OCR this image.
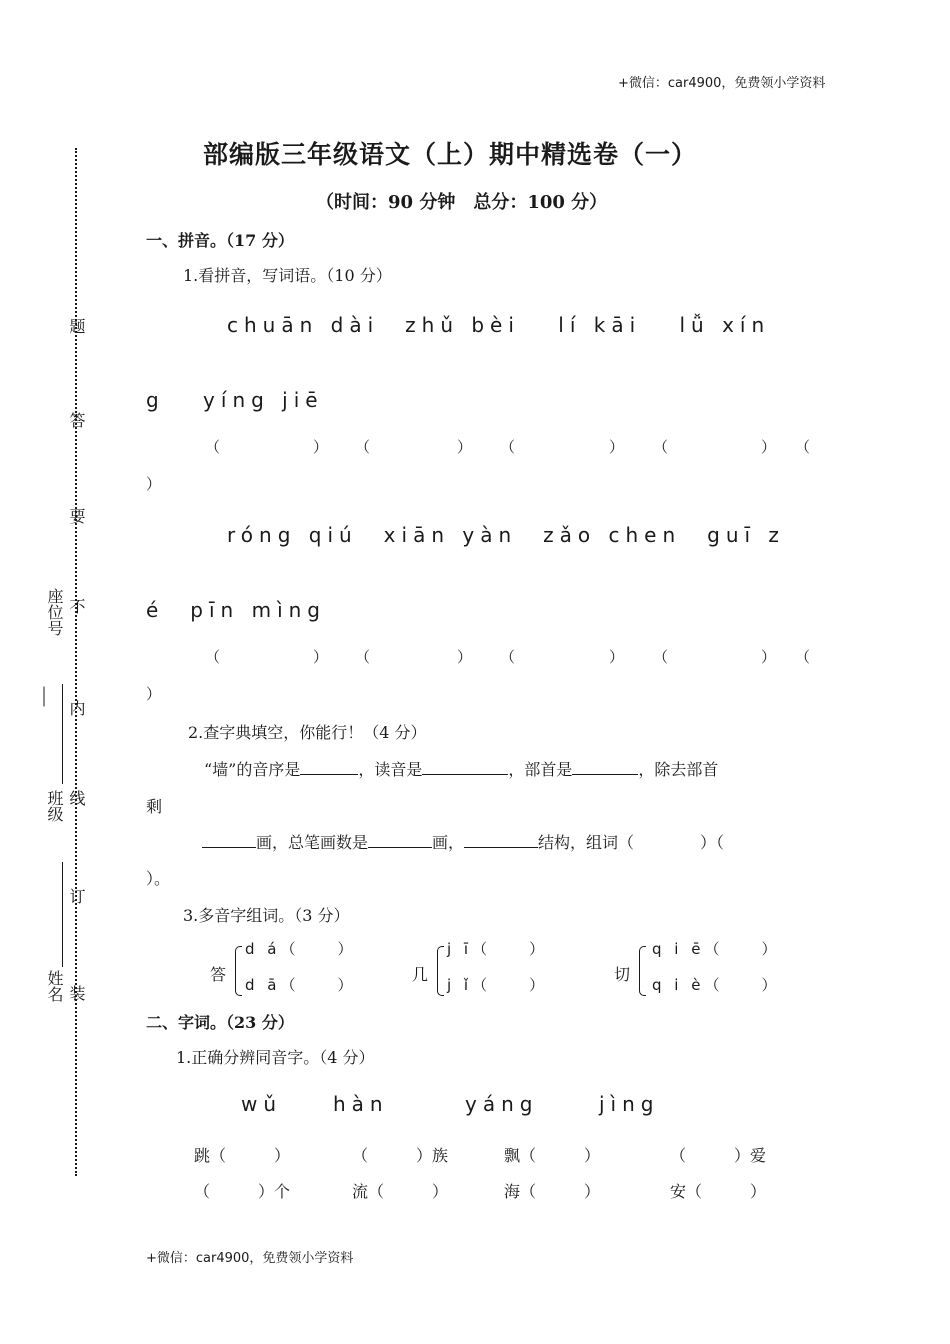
+微信：car4900，免费领小学资料
+微信：car4900，免费领小学资料
题
答
要
不
内
线
订
装
座位号
班级
姓名
部编版三年级语文（上）期中精选卷（一）
（时间：90 分钟　总分：100 分）
一、拼音。（17 分）
1.看拼音，写词语。（10 分）
chuān dài　zhǔ bèi　 lí kāi　 lǚ xín
g　 yíng jiē
（	） （	） （	） （	） （
）
róng qiú　xiān yàn　zǎo chen　guī z
é　pīn mìng
（	） （	） （	） （	） （
）
2.查字典填空，你能行！（4 分）
“墙”的音序是	，读音是	，部首是	，除去部首
剩
画，总笔画数是	画，	结构，组词（	）（
）。
3.多音字组词。（3 分）
答
d á（　　）
d ā（　　）
几
j ī（　　）
j ǐ（　　）
切
q i ē（　　）
q i è（　　）
二、字词。（23 分）
1.正确分辨同音字。（4 分）
wǔ	hàn	yáng	jìng
跳（　　　）	（　　　）族	飘（　　　）	（　　　）爱
（　　　）个	流（　　　）	海（　　　）	安（　　　）
